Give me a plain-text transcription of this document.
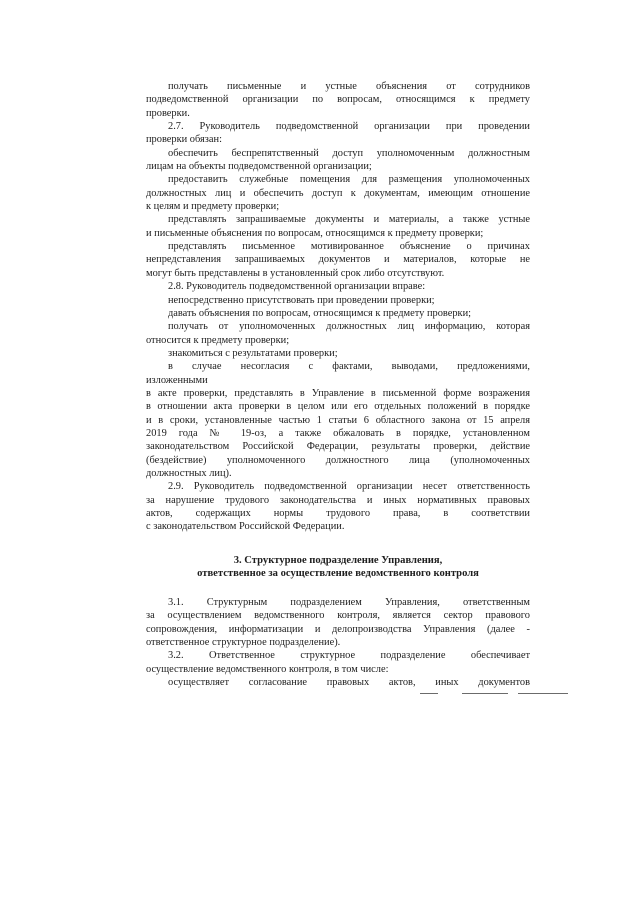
получать письменные и устные объяснения от сотрудников

подведомственной организации по вопросам, относящимся к предмету

проверки.

2.7. Руководитель подведомственной организации при проведении

проверки обязан:

обеспечить беспрепятственный доступ уполномоченным должностным

лицам на объекты подведомственной организации;

предоставить служебные помещения для размещения уполномоченных

должностных лиц и обеспечить доступ к документам, имеющим отношение

к целям и предмету проверки;

представлять запрашиваемые документы и материалы, а также устные

и письменные объяснения по вопросам, относящимся к предмету проверки;

представлять письменное мотивированное объяснение о причинах

непредставления запрашиваемых документов и материалов, которые не

могут быть представлены в установленный срок либо отсутствуют.

2.8. Руководитель подведомственной организации вправе:

непосредственно присутствовать при проведении проверки;

давать объяснения по вопросам, относящимся к предмету проверки;

получать от уполномоченных должностных лиц информацию, которая

относится к предмету проверки;

знакомиться с результатами проверки;

в случае несогласия с фактами, выводами, предложениями,

изложенными

в акте проверки, представлять в Управление в письменной форме возражения

в отношении акта проверки в целом или его отдельных положений в порядке

и в сроки, установленные частью 1 статьи 6 областного закона от 15 апреля

2019 года № 19-оз, а также обжаловать в порядке, установленном

законодательством Российской Федерации, результаты проверки, действие

(бездействие) уполномоченного должностного лица (уполномоченных

должностных лиц).

2.9. Руководитель подведомственной организации несет ответственность

за нарушение трудового законодательства и иных нормативных правовых

актов, содержащих нормы трудового права, в соответствии

с законодательством Российской Федерации.

3. Структурное подразделение Управления,

ответственное за осуществление ведомственного контроля

3.1. Структурным подразделением Управления, ответственным

за осуществлением ведомственного контроля, является сектор правового

сопровождения, информатизации и делопроизводства Управления (далее -

ответственное структурное подразделение).

3.2. Ответственное структурное подразделение обеспечивает

осуществление ведомственного контроля, в том числе:

осуществляет согласование правовых актов, иных документов
